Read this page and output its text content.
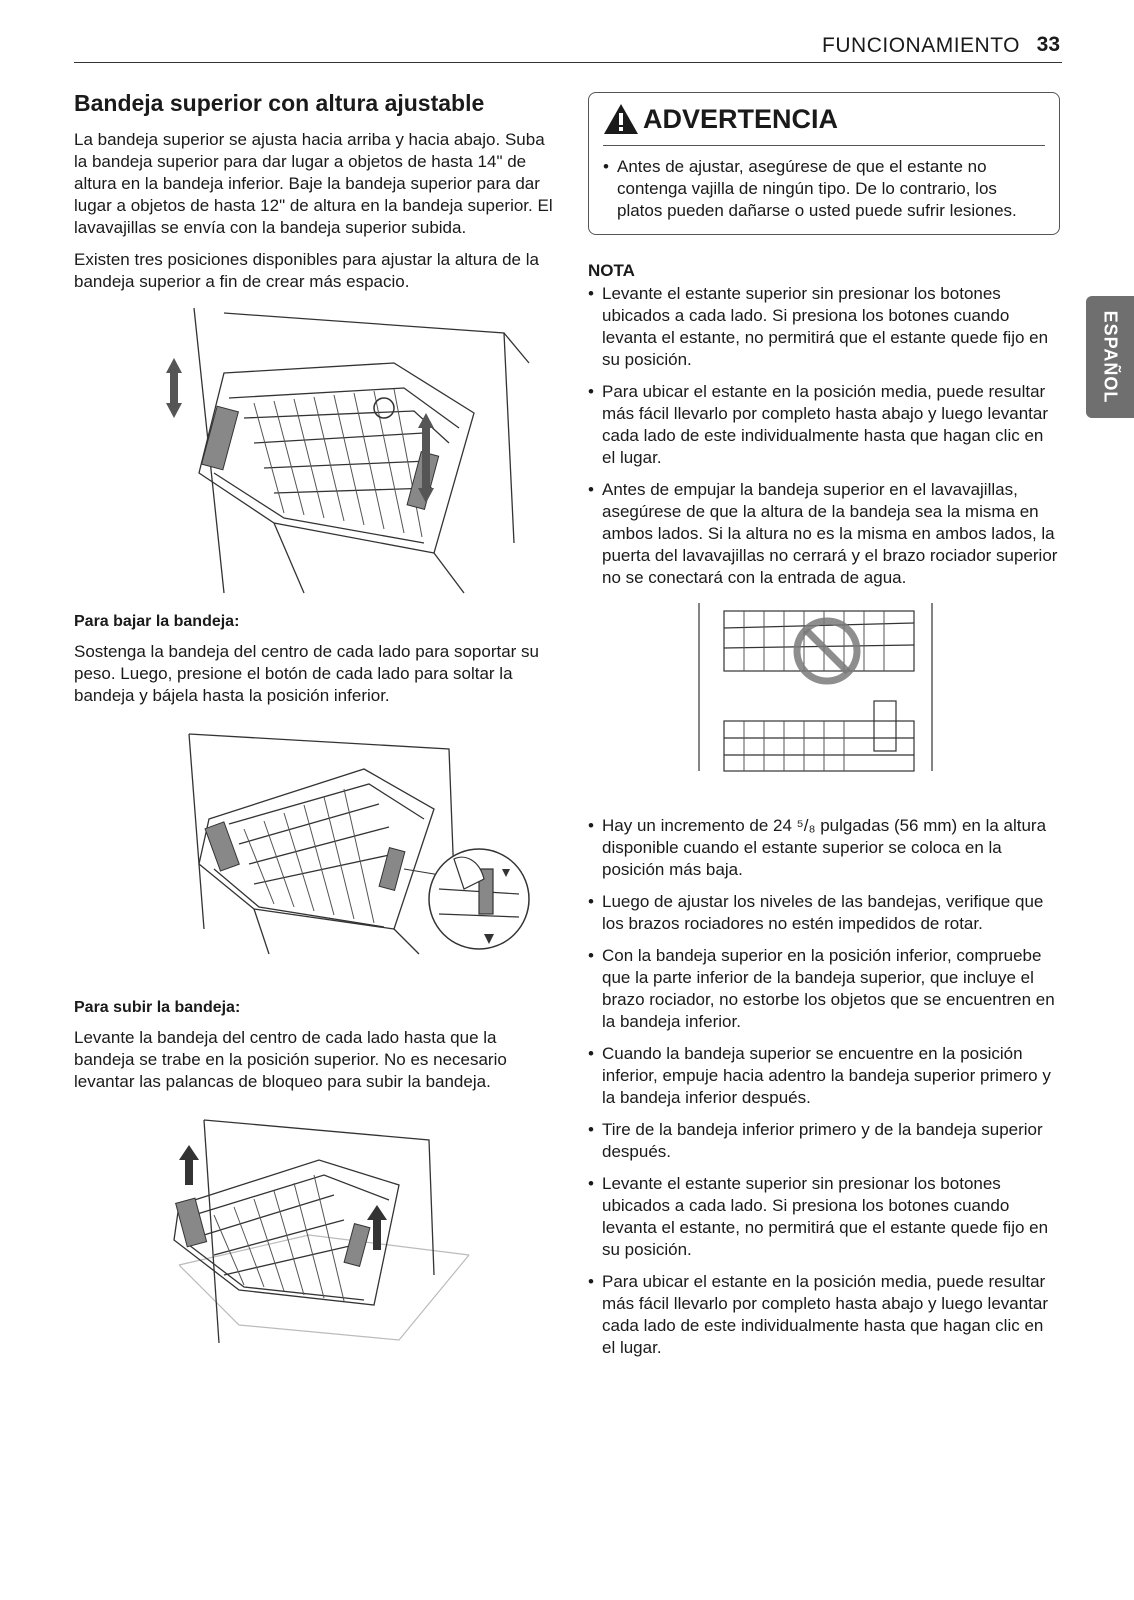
FUNCIONAMIENTO 33
ESPAÑOL
Bandeja superior con altura ajustable

La bandeja superior se ajusta hacia arriba y hacia abajo. Suba la bandeja superior para dar lugar a objetos de hasta 14" de altura en la bandeja inferior. Baje la bandeja superior para dar lugar a objetos de hasta 12" de altura en la bandeja superior. El lavavajillas se envía con la bandeja superior subida.

Existen tres posiciones disponibles para ajustar la altura de la bandeja superior a fin de crear más espacio.

Para bajar la bandeja:

Sostenga la bandeja del centro de cada lado para soportar su peso. Luego, presione el botón de cada lado para soltar la bandeja y bájela hasta la posición inferior.

Para subir la bandeja:

Levante la bandeja del centro de cada lado hasta que la bandeja se trabe en la posición superior. No es necesario levantar las palancas de bloqueo para subir la bandeja.

ADVERTENCIA
• Antes de ajustar, asegúrese de que el estante no contenga vajilla de ningún tipo. De lo contrario, los platos pueden dañarse o usted puede sufrir lesiones.
NOTA
• Levante el estante superior sin presionar los botones ubicados a cada lado. Si presiona los botones cuando levanta el estante, no permitirá que el estante quede fijo en su posición.
• Para ubicar el estante en la posición media, puede resultar más fácil llevarlo por completo hasta abajo y luego levantar cada lado de este individualmente hasta que hagan clic en el lugar.
• Antes de empujar la bandeja superior en el lavavajillas, asegúrese de que la altura de la bandeja sea la misma en ambos lados. Si la altura no es la misma en ambos lados, la puerta del lavavajillas no cerrará y el brazo rociador superior no se conectará con la entrada de agua.
• Hay un incremento de 24 ⁵/₈ pulgadas (56 mm) en la altura disponible cuando el estante superior se coloca en la posición más baja.
• Luego de ajustar los niveles de las bandejas, verifique que los brazos rociadores no estén impedidos de rotar.
• Con la bandeja superior en la posición inferior, compruebe que la parte inferior de la bandeja superior, que incluye el brazo rociador, no estorbe los objetos que se encuentren en la bandeja inferior.
• Cuando la bandeja superior se encuentre en la posición inferior, empuje hacia adentro la bandeja superior primero y la bandeja inferior después.
• Tire de la bandeja inferior primero y de la bandeja superior después.
• Levante el estante superior sin presionar los botones ubicados a cada lado. Si presiona los botones cuando levanta el estante, no permitirá que el estante quede fijo en su posición.
• Para ubicar el estante en la posición media, puede resultar más fácil llevarlo por completo hasta abajo y luego levantar cada lado de este individualmente hasta que hagan clic en el lugar.
